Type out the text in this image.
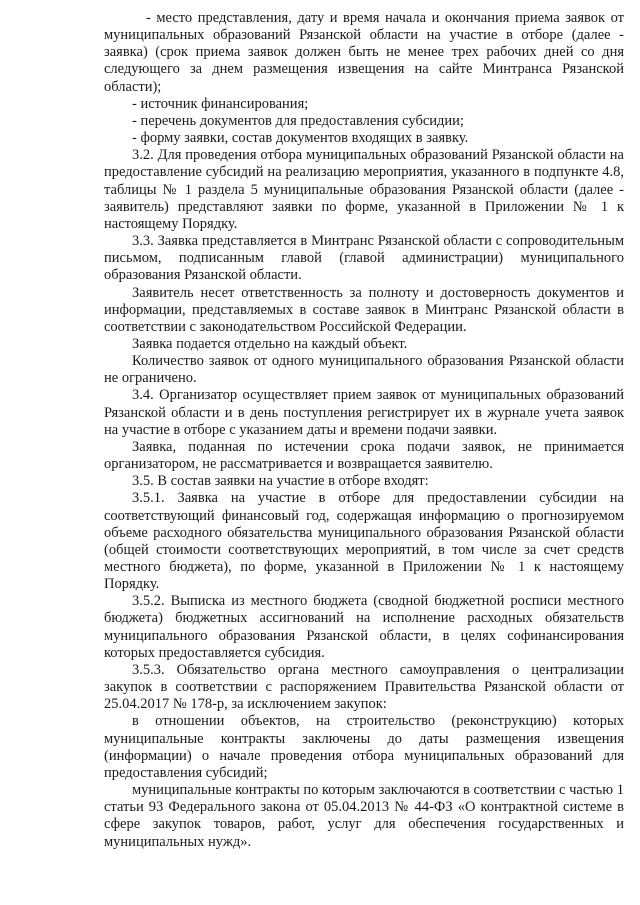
- место представления, дату и время начала и окончания приема заявок от муниципальных образований Рязанской области на участие в отборе (далее - заявка) (срок приема заявок должен быть не менее трех рабочих дней со дня следующего за днем размещения извещения на сайте Минтранса Рязанской области);

- источник финансирования;

- перечень документов для предоставления субсидии;

- форму заявки, состав документов входящих в заявку.

3.2. Для проведения отбора муниципальных образований Рязанской области на предоставление субсидий на реализацию мероприятия, указанного в подпункте 4.8, таблицы № 1 раздела 5 муниципальные образования Рязанской области (далее - заявитель) представляют заявки по форме, указанной в Приложении № 1 к настоящему Порядку.

3.3. Заявка представляется в Минтранс Рязанской области с сопроводительным письмом, подписанным главой (главой администрации) муниципального образования Рязанской области.

Заявитель несет ответственность за полноту и достоверность документов и информации, представляемых в составе заявок в Минтранс Рязанской области в соответствии с законодательством Российской Федерации.

Заявка подается отдельно на каждый объект.

Количество заявок от одного муниципального образования Рязанской области не ограничено.

3.4. Организатор осуществляет прием заявок от муниципальных образований Рязанской области и в день поступления регистрирует их в журнале учета заявок на участие в отборе с указанием даты и времени подачи заявки.

Заявка, поданная по истечении срока подачи заявок, не принимается организатором, не рассматривается и возвращается заявителю.

3.5. В состав заявки на участие в отборе входят:

3.5.1. Заявка на участие в отборе для предоставлении субсидии на соответствующий финансовый год, содержащая информацию о прогнозируемом объеме расходного обязательства муниципального образования Рязанской области (общей стоимости соответствующих мероприятий, в том числе за счет средств местного бюджета), по форме, указанной в Приложении № 1 к настоящему Порядку.

3.5.2. Выписка из местного бюджета (сводной бюджетной росписи местного бюджета) бюджетных ассигнований на исполнение расходных обязательств муниципального образования Рязанской области, в целях софинансирования которых предоставляется субсидия.

3.5.3. Обязательство органа местного самоуправления о централизации закупок в соответствии с распоряжением Правительства Рязанской области от 25.04.2017 № 178-р, за исключением закупок:

в отношении объектов, на строительство (реконструкцию) которых муниципальные контракты заключены до даты размещения извещения (информации) о начале проведения отбора муниципальных образований для предоставления субсидий;

муниципальные контракты по которым заключаются в соответствии с частью 1 статьи 93 Федерального закона от 05.04.2013 № 44-ФЗ «О контрактной системе в сфере закупок товаров, работ, услуг для обеспечения государственных и муниципальных нужд».
